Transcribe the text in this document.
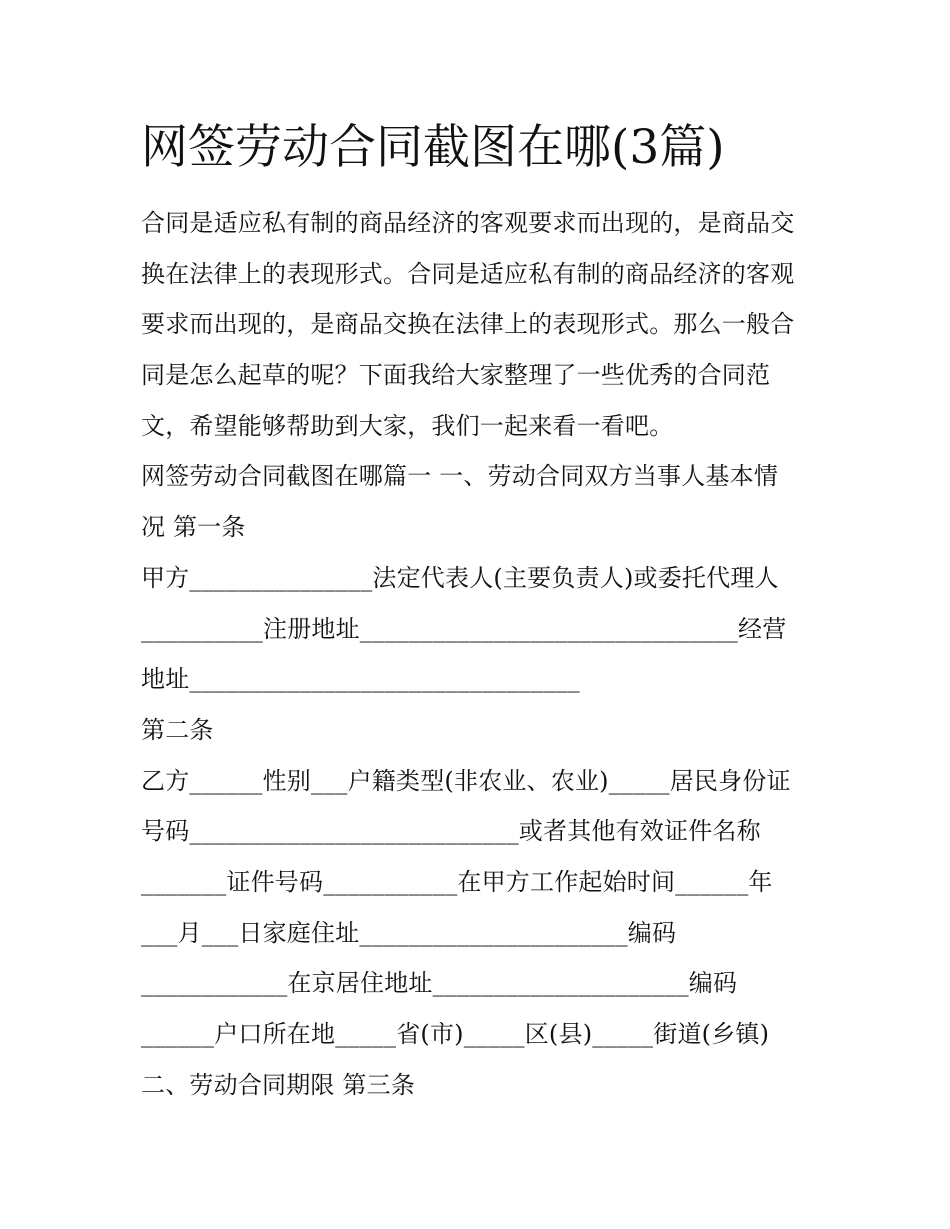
网签劳动合同截图在哪(3篇)
合同是适应私有制的商品经济的客观要求而出现的，是商品交
换在法律上的表现形式。合同是适应私有制的商品经济的客观
要求而出现的，是商品交换在法律上的表现形式。那么一般合
同是怎么起草的呢？下面我给大家整理了一些优秀的合同范
文，希望能够帮助到大家，我们一起来看一看吧。
网签劳动合同截图在哪篇一 一、劳动合同双方当事人基本情
况 第一条
甲方_______________法定代表人(主要负责人)或委托代理人
__________注册地址_______________________________经营
地址________________________________
第二条
乙方______性别___户籍类型(非农业、农业)_____居民身份证
号码___________________________或者其他有效证件名称
_______证件号码___________在甲方工作起始时间______年
___月___日家庭住址______________________编码
____________在京居住地址_____________________编码
______户口所在地_____省(市)_____区(县)_____街道(乡镇)
二、劳动合同期限 第三条
